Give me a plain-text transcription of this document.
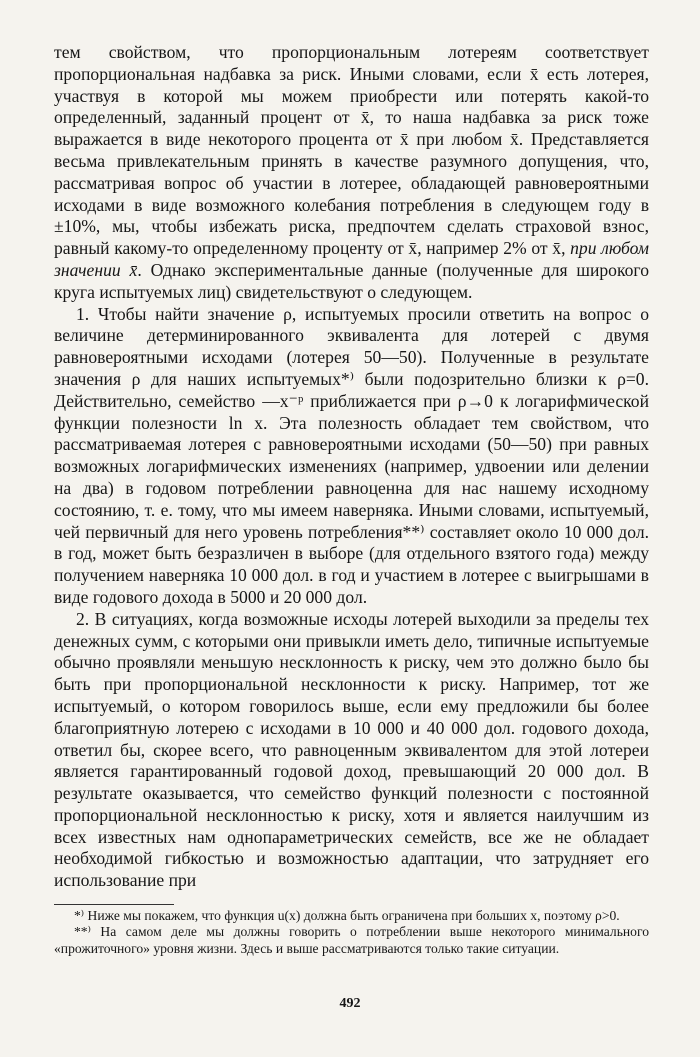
тем свойством, что пропорциональным лотереям соответствует пропорциональная надбавка за риск. Иными словами, если x̄ есть лотерея, участвуя в которой мы можем приобрести или потерять какой-то определенный, заданный процент от x̄, то наша надбавка за риск тоже выражается в виде некоторого процента от x̄ при любом x̄. Представляется весьма привлекательным принять в качестве разумного допущения, что, рассматривая вопрос об участии в лотерее, обладающей равновероятными исходами в виде возможного колебания потребления в следующем году в ±10%, мы, чтобы избежать риска, предпочтем сделать страховой взнос, равный какому-то определенному проценту от x̄, например 2% от x̄, при любом значении x̄. Однако экспериментальные данные (полученные для широкого круга испытуемых лиц) свидетельствуют о следующем.

1. Чтобы найти значение ρ, испытуемых просили ответить на вопрос о величине детерминированного эквивалента для лотерей с двумя равновероятными исходами (лотерея 50—50). Полученные в результате значения ρ для наших испытуемых*⁾ были подозрительно близки к ρ=0. Действительно, семейство —x⁻ᵖ приближается при ρ→0 к логарифмической функции полезности ln x. Эта полезность обладает тем свойством, что рассматриваемая лотерея с равновероятными исходами (50—50) при равных возможных логарифмических изменениях (например, удвоении или делении на два) в годовом потреблении равноценна для нас нашему исходному состоянию, т. е. тому, что мы имеем наверняка. Иными словами, испытуемый, чей первичный для него уровень потребления**⁾ составляет около 10 000 дол. в год, может быть безразличен в выборе (для отдельного взятого года) между получением наверняка 10 000 дол. в год и участием в лотерее с выигрышами в виде годового дохода в 5000 и 20 000 дол.

2. В ситуациях, когда возможные исходы лотерей выходили за пределы тех денежных сумм, с которыми они привыкли иметь дело, типичные испытуемые обычно проявляли меньшую несклонность к риску, чем это должно было бы быть при пропорциональной несклонности к риску. Например, тот же испытуемый, о котором говорилось выше, если ему предложили бы более благоприятную лотерею с исходами в 10 000 и 40 000 дол. годового дохода, ответил бы, скорее всего, что равноценным эквивалентом для этой лотереи является гарантированный годовой доход, превышающий 20 000 дол. В результате оказывается, что семейство функций полезности с постоянной пропорциональной несклонностью к риску, хотя и является наилучшим из всех известных нам однопараметрических семейств, все же не обладает необходимой гибкостью и возможностью адаптации, что затрудняет его использование при

*⁾ Ниже мы покажем, что функция u(x) должна быть ограничена при больших x, поэтому ρ>0.

**⁾ На самом деле мы должны говорить о потреблении выше некоторого минимального «прожиточного» уровня жизни. Здесь и выше рассматриваются только такие ситуации.

492
